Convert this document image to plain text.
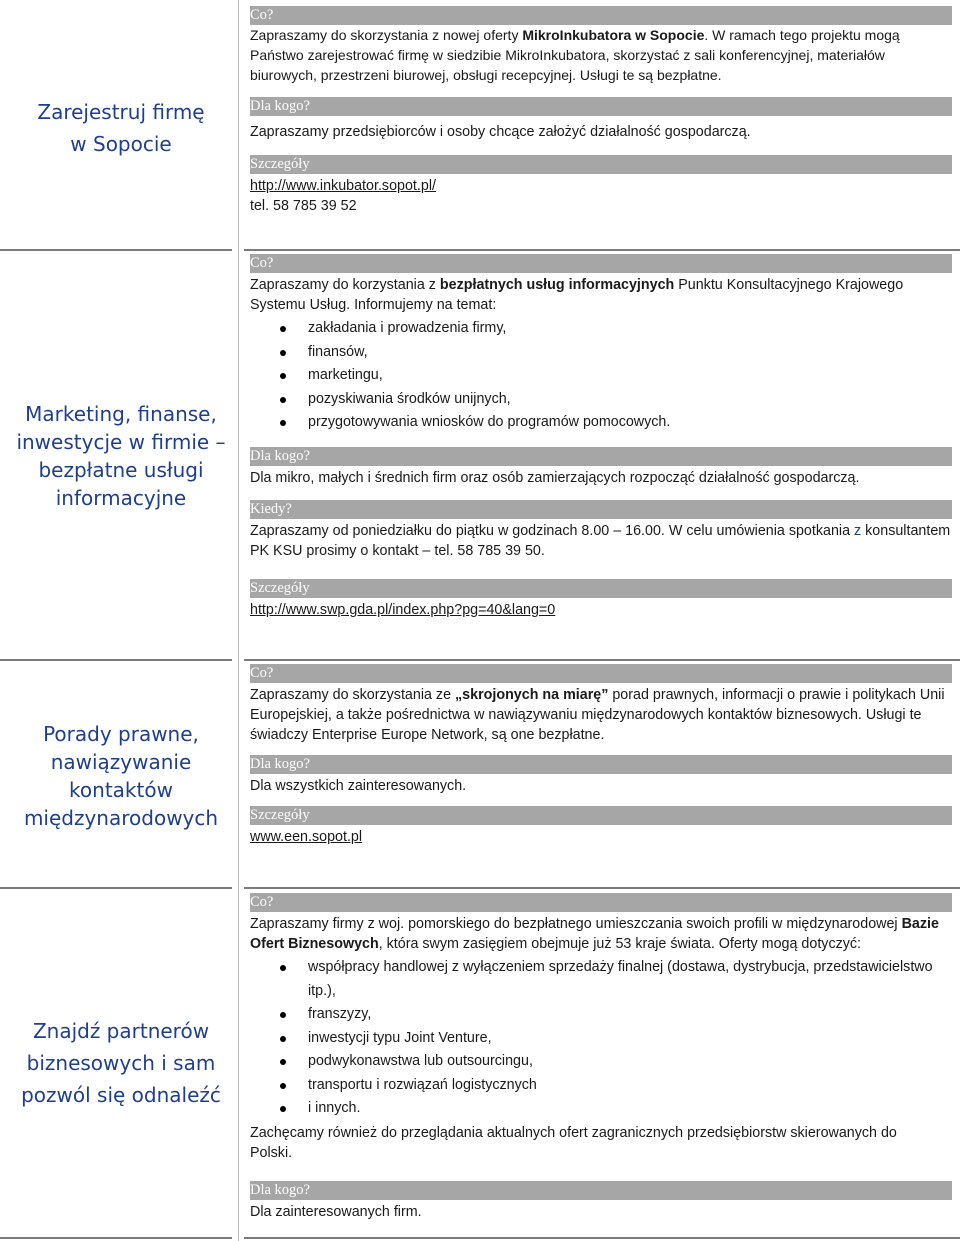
Zarejestruj firmę
w Sopocie
Co?

Zapraszamy do skorzystania z nowej oferty MikroInkubatora w Sopocie. W ramach tego projektu mogą Państwo zarejestrować firmę w siedzibie MikroInkubatora, skorzystać z sali konferencyjnej, materiałów biurowych, przestrzeni biurowej, obsługi recepcyjnej. Usługi te są bezpłatne.

Dla kogo?

Zapraszamy przedsiębiorców i osoby chcące założyć działalność gospodarczą.

Szczegóły

http://www.inkubator.sopot.pl/

tel. 58 785 39 52

Marketing, finanse,
inwestycje w firmie –
bezpłatne usługi
informacyjne
Co?

Zapraszamy do korzystania z bezpłatnych usług informacyjnych Punktu Konsultacyjnego Krajowego Systemu Usług. Informujemy na temat:

zakładania i prowadzenia firmy,
finansów,
marketingu,
pozyskiwania środków unijnych,
przygotowywania wniosków do programów pomocowych.
Dla kogo?

Dla mikro, małych i średnich firm oraz osób zamierzających rozpocząć działalność gospodarczą.

Kiedy?

Zapraszamy od poniedziałku do piątku w godzinach 8.00 – 16.00. W celu umówienia spotkania z konsultantem PK KSU prosimy o kontakt – tel. 58 785 39 50.

Szczegóły

http://www.swp.gda.pl/index.php?pg=40&lang=0

Porady prawne,
nawiązywanie
kontaktów
międzynarodowych
Co?

Zapraszamy do skorzystania ze „skrojonych na miarę” porad prawnych, informacji o prawie i politykach Unii Europejskiej, a także pośrednictwa w nawiązywaniu międzynarodowych kontaktów biznesowych. Usługi te świadczy Enterprise Europe Network, są one bezpłatne.

Dla kogo?

Dla wszystkich zainteresowanych.

Szczegóły

www.een.sopot.pl

Znajdź partnerów
biznesowych i sam
pozwól się odnaleźć
Co?

Zapraszamy firmy z woj. pomorskiego do bezpłatnego umieszczania swoich profili w międzynarodowej Bazie Ofert Biznesowych, która swym zasięgiem obejmuje już 53 kraje świata. Oferty mogą dotyczyć:

współpracy handlowej z wyłączeniem sprzedaży finalnej (dostawa, dystrybucja, przedstawicielstwo itp.),
franszyzy,
inwestycji typu Joint Venture,
podwykonawstwa lub outsourcingu,
transportu i rozwiązań logistycznych
i innych.

Zachęcamy również do przeglądania aktualnych ofert zagranicznych przedsiębiorstw skierowanych do Polski.

Dla kogo?

Dla zainteresowanych firm.
